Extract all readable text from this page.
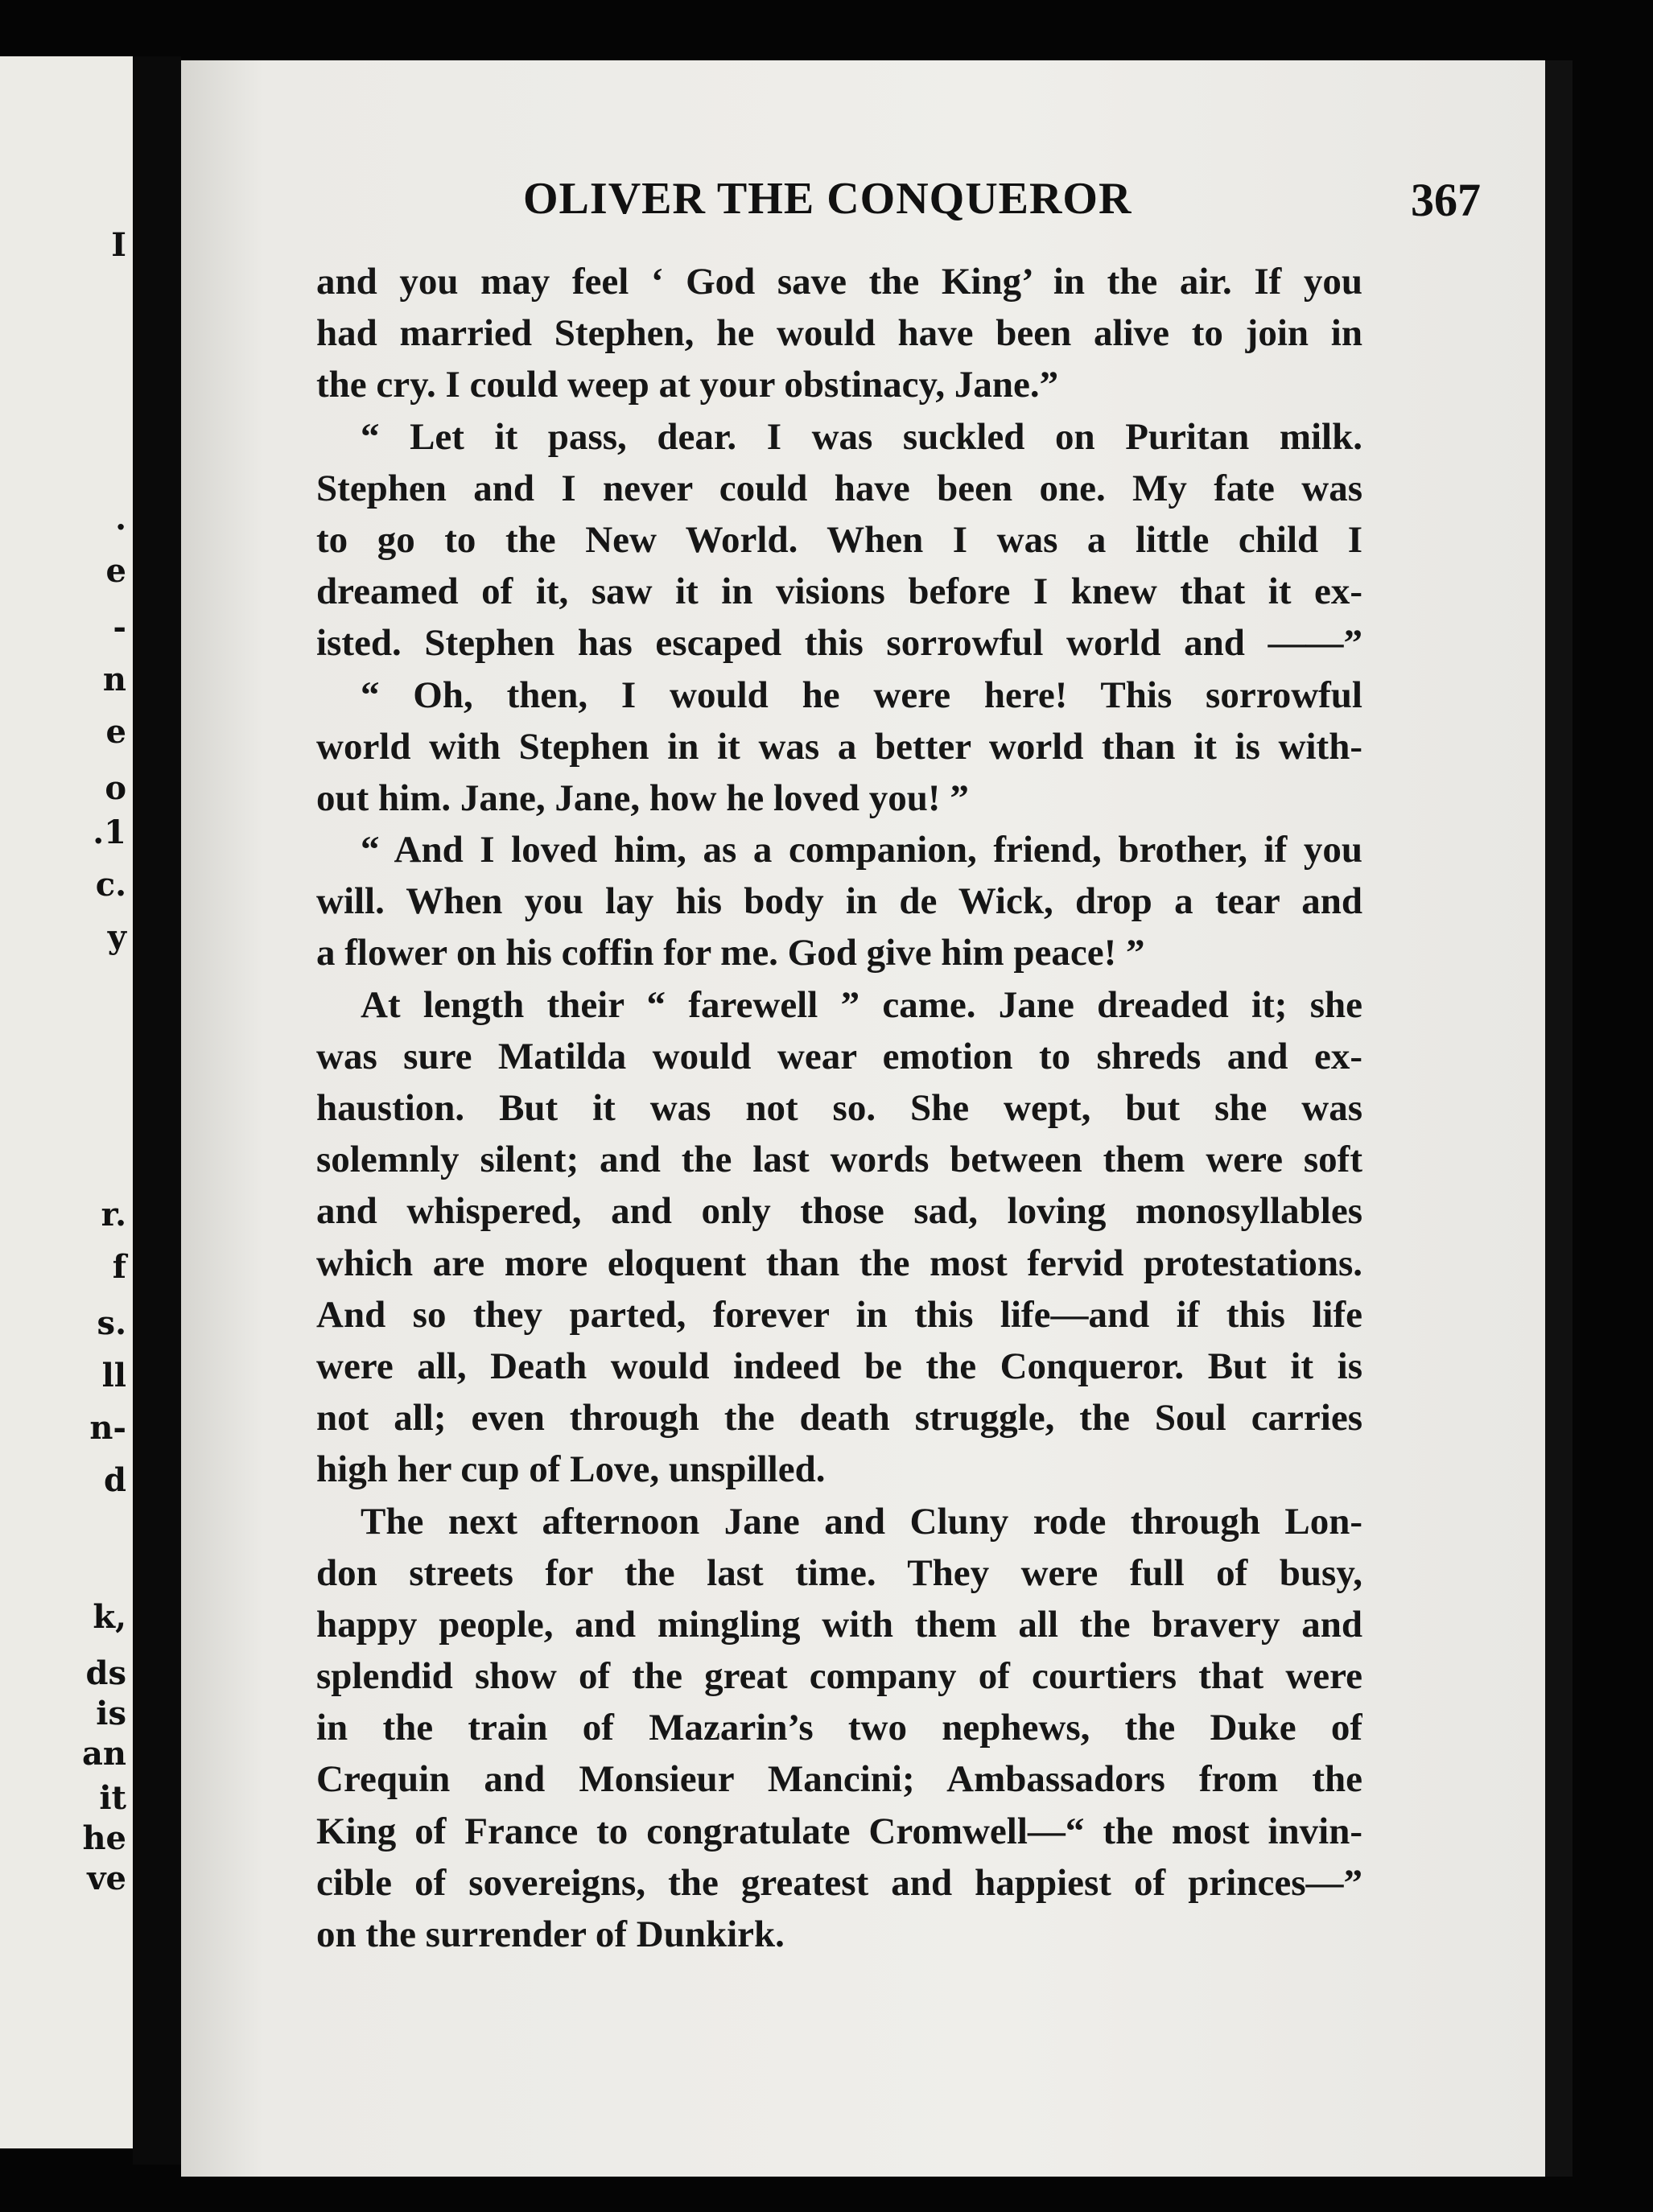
I
.
e
-
n
e
o
.1
c.
y
r.
f
s.
ll
n-
d
k,
ds
is
an
it
he
ve
OLIVER THE CONQUEROR	367
and you may feel ‘ God save the King’ in the air. If you
had married Stephen, he would have been alive to join in
the cry. I could weep at your obstinacy, Jane.”
“ Let it pass, dear. I was suckled on Puritan milk.
Stephen and I never could have been one. My fate was
to go to the New World. When I was a little child I
dreamed of it, saw it in visions before I knew that it ex-
isted. Stephen has escaped this sorrowful world and ——”
“ Oh, then, I would he were here! This sorrowful
world with Stephen in it was a better world than it is with-
out him. Jane, Jane, how he loved you! ”
“ And I loved him, as a companion, friend, brother, if you
will. When you lay his body in de Wick, drop a tear and
a flower on his coffin for me. God give him peace! ”
At length their “ farewell ” came. Jane dreaded it; she
was sure Matilda would wear emotion to shreds and ex-
haustion. But it was not so. She wept, but she was
solemnly silent; and the last words between them were soft
and whispered, and only those sad, loving monosyllables
which are more eloquent than the most fervid protestations.
And so they parted, forever in this life—and if this life
were all, Death would indeed be the Conqueror. But it is
not all; even through the death struggle, the Soul carries
high her cup of Love, unspilled.
The next afternoon Jane and Cluny rode through Lon-
don streets for the last time. They were full of busy,
happy people, and mingling with them all the bravery and
splendid show of the great company of courtiers that were
in the train of Mazarin’s two nephews, the Duke of
Crequin and Monsieur Mancini; Ambassadors from the
King of France to congratulate Cromwell—“ the most invin-
cible of sovereigns, the greatest and happiest of princes—”
on the surrender of Dunkirk.
